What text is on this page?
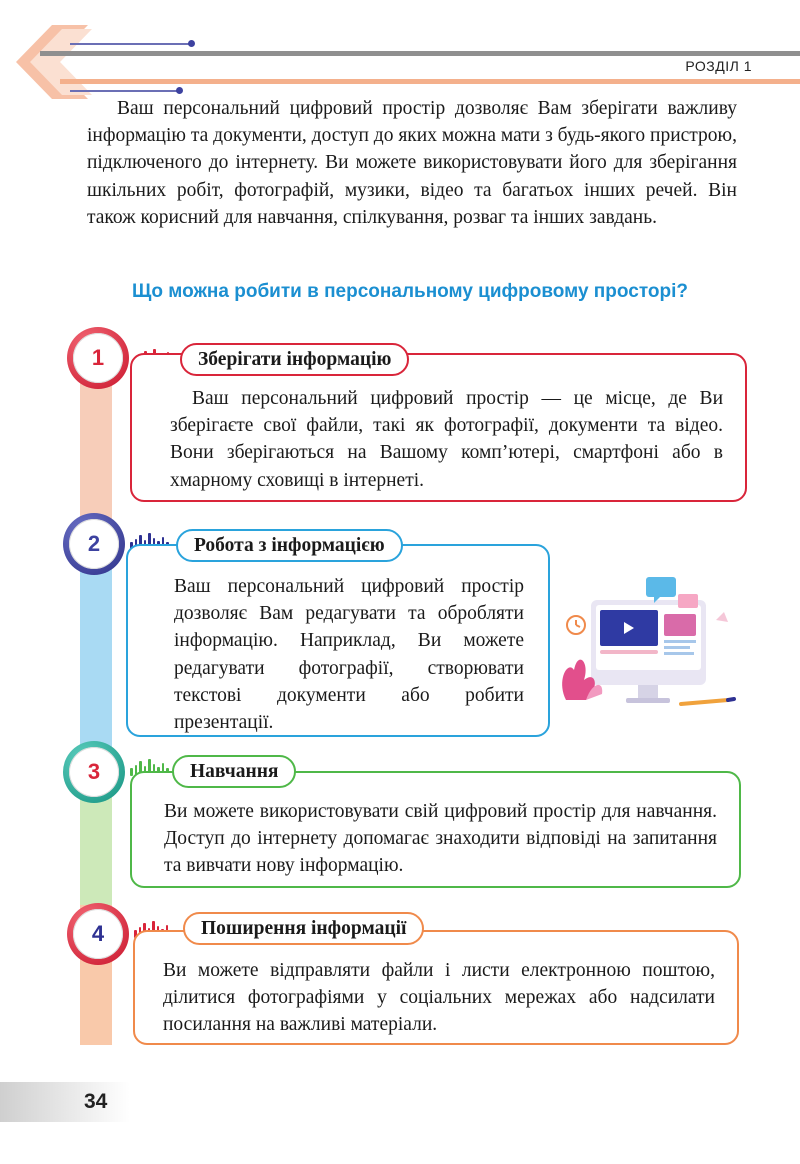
РОЗДІЛ 1
Ваш персональний цифровий простір дозволяє Вам зберігати важливу інформацію та документи, доступ до яких можна мати з будь-якого пристрою, підключеного до інтернету. Ви можете використовувати його для зберігання шкільних робіт, фотографій, музики, відео та багатьох інших речей. Він також корисний для навчання, спілкування, розваг та інших завдань.
Що можна робити в персональному цифровому просторі?
1

Ваш персональний цифровий простір — це місце, де Ви зберігаєте свої файли, такі як фотографії, документи та відео. Вони зберігаються на Вашому комп’ютері, смартфоні або в хмарному сховищі в інтернеті.

Зберігати інформацію
2

Ваш персональний цифровий простір дозволяє Вам редагувати та обробляти інформацію. Наприклад, Ви можете редагувати фотографії, створювати текстові документи або робити презентації.

Робота з інформацією
3

Ви можете використовувати свій цифровий простір для навчання. Доступ до інтернету допомагає знаходити відповіді на запитання та вивчати нову інформацію.

Навчання
4

Ви можете відправляти файли і листи електронною поштою, ділитися фотографіями у соціальних мережах або надсилати посилання на важливі матеріали.

Поширення інформації
34
